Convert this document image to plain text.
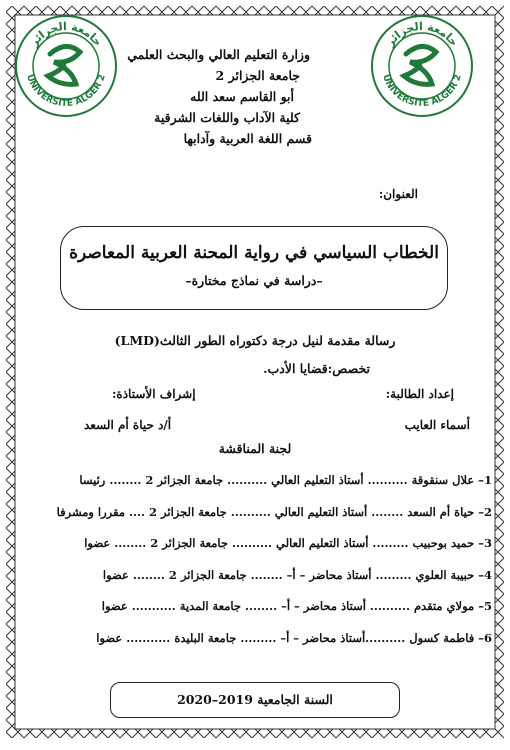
جامعة الجزائر
UNIVERSITE ALGER 2
جامعة الجزائر
UNIVERSITE ALGER 2
وزارة التعليم العالي والبحث العلمي
جامعة الجزائر 2
أبو القاسم سعد الله
كلية الآداب واللغات الشرقية
قسم اللغة العربية وآدابها
العنوان:
الخطاب السياسي في رواية المحنة العربية المعاصرة
–دراسة في نماذج مختارة–
رسالة مقدمة لنيل درجة دكتوراه الطور الثالث(LMD)
تخصص:قضايا الأدب.
إعداد الطالبة:
إشراف الأستاذة:
أسماء العايب
أ/د حياة أم السعد
لجنة المناقشة
1– علال سنقوقة .......... أستاذ التعليم العالي .......... جامعة الجزائر 2 ........ رئيسا
2– حياة أم السعد ........ أستاذ التعليم العالي .......... جامعة الجزائر 2 .... مقررا ومشرفا
3– حميد بوحبيب ......... أستاذ التعليم العالي .......... جامعة الجزائر 2 ........ عضوا
4– حبيبة العلوي ......... أستاذ محاضر – أ– ........ جامعة الجزائر 2 ........ عضوا
5– مولاي متقدم .......... أستاذ محاضر – أ– ........ جامعة المدية ........... عضوا
6– فاطمة كسول ..........أستاذ محاضر – أ– ......... جامعة البليدة ........... عضوا
السنة الجامعية 2019–2020
